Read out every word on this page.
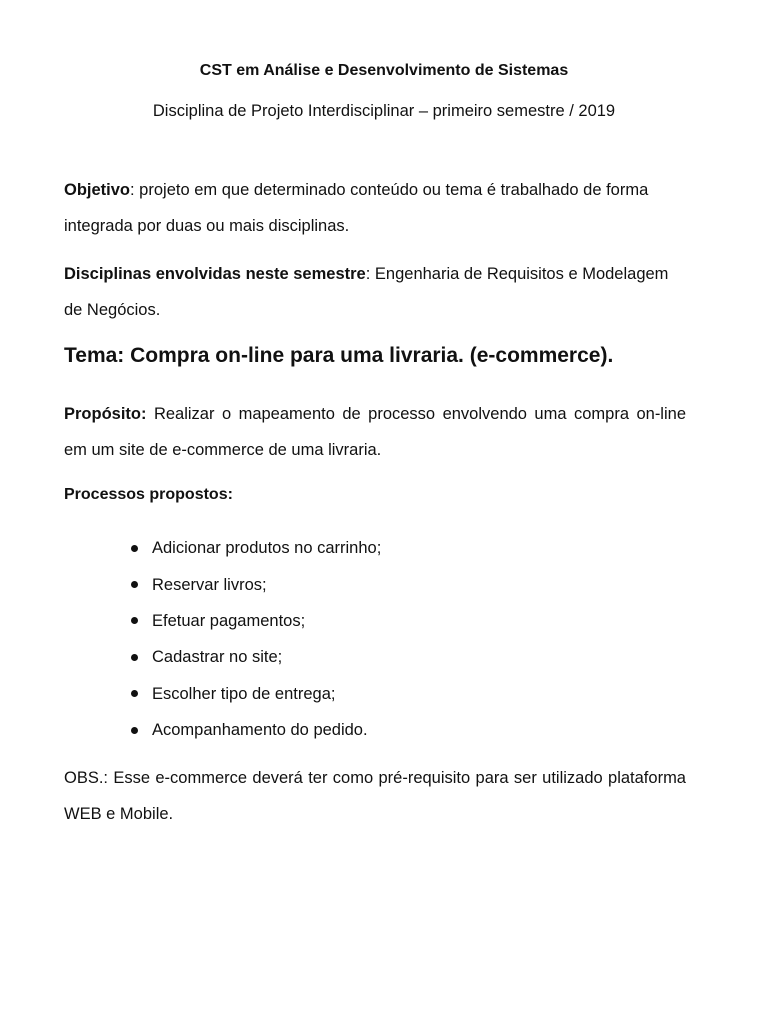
CST em Análise e Desenvolvimento de Sistemas
Disciplina de Projeto Interdisciplinar – primeiro semestre / 2019
Objetivo: projeto em que determinado conteúdo ou tema é trabalhado de forma integrada por duas ou mais disciplinas.
Disciplinas envolvidas neste semestre: Engenharia de Requisitos e Modelagem de Negócios.
Tema: Compra on-line para uma livraria. (e-commerce).
Propósito: Realizar o mapeamento de processo envolvendo uma compra on-line em um site de e-commerce de uma livraria.
Processos propostos:
Adicionar produtos no carrinho;
Reservar livros;
Efetuar pagamentos;
Cadastrar no site;
Escolher tipo de entrega;
Acompanhamento do pedido.
OBS.: Esse e-commerce deverá ter como pré-requisito para ser utilizado plataforma WEB e Mobile.
